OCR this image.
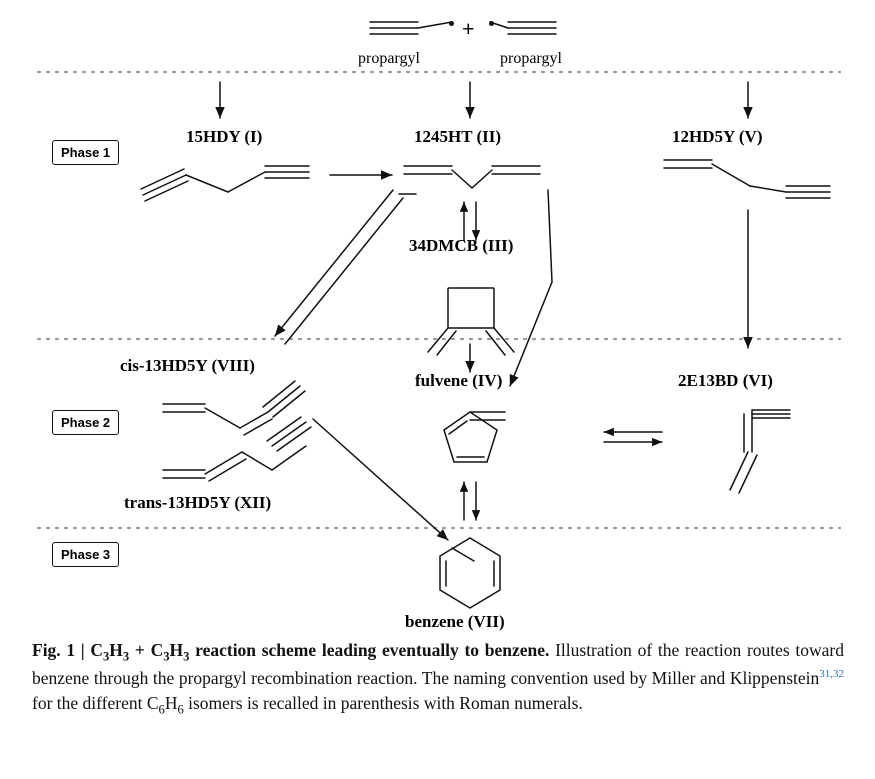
propargyl	propargyl
+
15HDY (I)	1245HT (II)	12HD5Y (V)
34DMCB (III)
cis-13HD5Y (VIII)
fulvene (IV)	2E13BD (VI)
trans-13HD5Y (XII)
benzene (VII)
Phase 1
Phase 2
Phase 3
Fig. 1 | $C_3H_3 + C_3H_3$ reaction scheme leading eventually to benzene. Illustration of the reaction routes toward benzene through the propargyl recombination reaction. The naming convention used by Miller and Klippenstein$^{31,32}$ for the different $C_6H_6$ isomers is recalled in parenthesis with Roman numerals.
